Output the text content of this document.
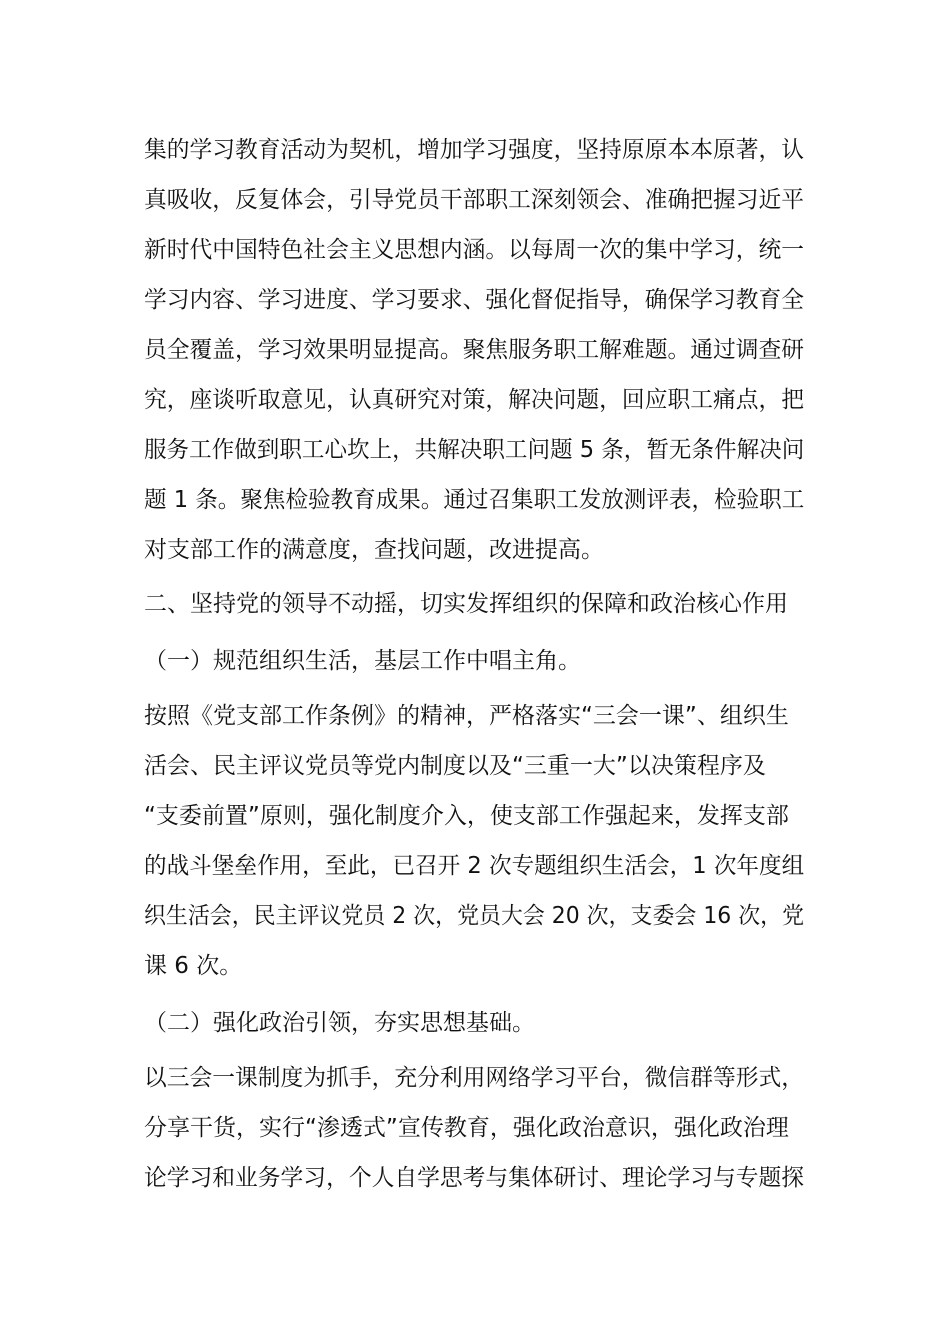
集的学习教育活动为契机，增加学习强度，坚持原原本本原著，认
真吸收，反复体会，引导党员干部职工深刻领会、准确把握习近平
新时代中国特色社会主义思想内涵。以每周一次的集中学习，统一
学习内容、学习进度、学习要求、强化督促指导，确保学习教育全
员全覆盖，学习效果明显提高。聚焦服务职工解难题。通过调查研
究，座谈听取意见，认真研究对策，解决问题，回应职工痛点，把
服务工作做到职工心坎上，共解决职工问题 5 条，暂无条件解决问
题 1 条。聚焦检验教育成果。通过召集职工发放测评表，检验职工
对支部工作的满意度，查找问题，改进提高。
二、坚持党的领导不动摇，切实发挥组织的保障和政治核心作用
（一）规范组织生活，基层工作中唱主角。
按照《党支部工作条例》的精神，严格落实“三会一课”、组织生
活会、民主评议党员等党内制度以及“三重一大”以决策程序及
“支委前置”原则，强化制度介入，使支部工作强起来，发挥支部
的战斗堡垒作用，至此，已召开 2 次专题组织生活会，1 次年度组
织生活会，民主评议党员 2 次，党员大会 20 次，支委会 16 次，党
课 6 次。
（二）强化政治引领，夯实思想基础。
以三会一课制度为抓手，充分利用网络学习平台，微信群等形式，
分享干货，实行“渗透式”宣传教育，强化政治意识，强化政治理
论学习和业务学习，个人自学思考与集体研讨、理论学习与专题探
